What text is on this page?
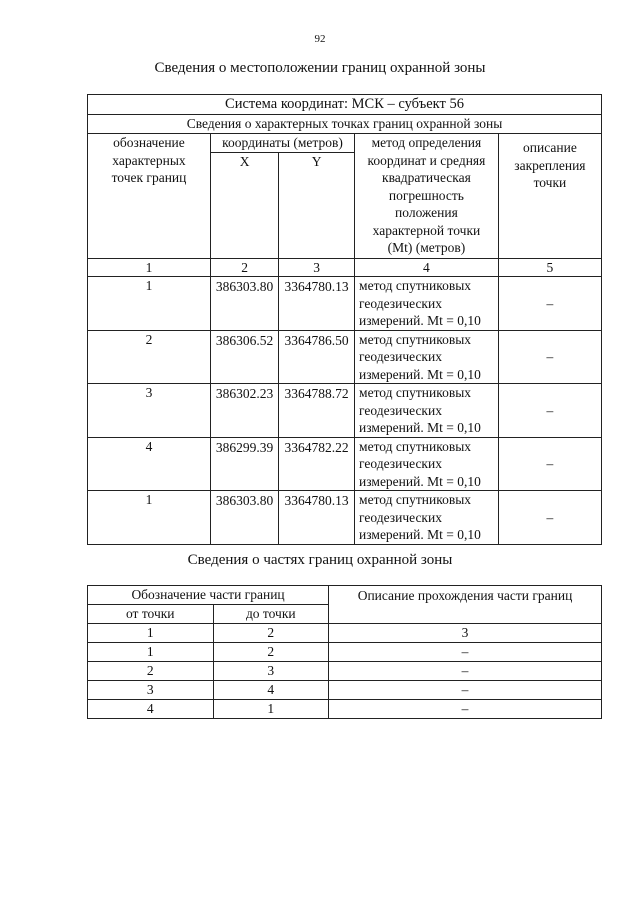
92
Сведения о местоположении границ охранной зоны
Система координат: МСК – субъект 56				
Сведения о характерных точках границ охранной зоны				
обозначение характерных точек границ	координаты (метров)		метод определения координат и средняя квадратическая погрешность положения характерной точки (Mt) (метров)	описание закрепления точки
	X	Y		
1	2	3	4	5
1	386303.80	3364780.13	метод спутниковых
геодезических
измерений. Mt = 0,10	–
2	386306.52	3364786.50	метод спутниковых
геодезических
измерений. Mt = 0,10	–
3	386302.23	3364788.72	метод спутниковых
геодезических
измерений. Mt = 0,10	–
4	386299.39	3364782.22	метод спутниковых
геодезических
измерений. Mt = 0,10	–
1	386303.80	3364780.13	метод спутниковых
геодезических
измерений. Mt = 0,10	–
Сведения о частях границ охранной зоны
Обозначение части границ		Описание прохождения части границ
от точки	до точки	
1	2	3
1	2	–
2	3	–
3	4	–
4	1	–
